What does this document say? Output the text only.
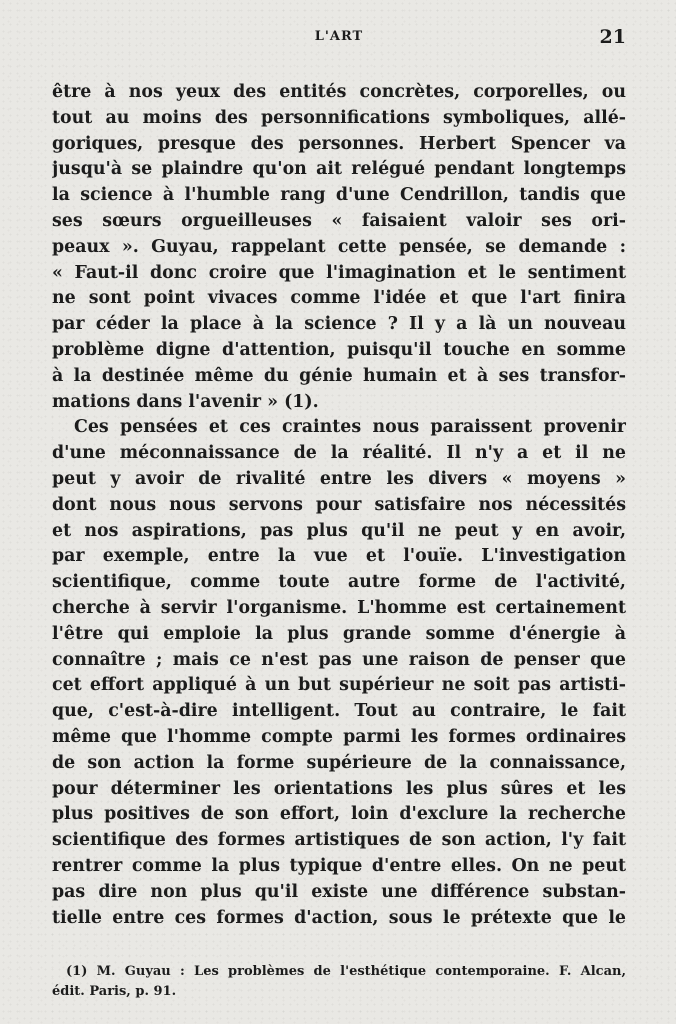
L'ART	21
être à nos yeux des entités concrètes, corporelles, ou
tout au moins des personnifications symboliques, allé-
goriques, presque des personnes. Herbert Spencer va
jusqu'à se plaindre qu'on ait relégué pendant longtemps
la science à l'humble rang d'une Cendrillon, tandis que
ses sœurs orgueilleuses « faisaient valoir ses ori-
peaux ». Guyau, rappelant cette pensée, se demande :
« Faut-il donc croire que l'imagination et le sentiment
ne sont point vivaces comme l'idée et que l'art finira
par céder la place à la science ? Il y a là un nouveau
problème digne d'attention, puisqu'il touche en somme
à la destinée même du génie humain et à ses transfor-
mations dans l'avenir » (1).
Ces pensées et ces craintes nous paraissent provenir
d'une méconnaissance de la réalité. Il n'y a et il ne
peut y avoir de rivalité entre les divers « moyens »
dont nous nous servons pour satisfaire nos nécessités
et nos aspirations, pas plus qu'il ne peut y en avoir,
par exemple, entre la vue et l'ouïe. L'investigation
scientifique, comme toute autre forme de l'activité,
cherche à servir l'organisme. L'homme est certainement
l'être qui emploie la plus grande somme d'énergie à
connaître ; mais ce n'est pas une raison de penser que
cet effort appliqué à un but supérieur ne soit pas artisti-
que, c'est-à-dire intelligent. Tout au contraire, le fait
même que l'homme compte parmi les formes ordinaires
de son action la forme supérieure de la connaissance,
pour déterminer les orientations les plus sûres et les
plus positives de son effort, loin d'exclure la recherche
scientifique des formes artistiques de son action, l'y fait
rentrer comme la plus typique d'entre elles. On ne peut
pas dire non plus qu'il existe une différence substan-
tielle entre ces formes d'action, sous le prétexte que le
(1) M. Guyau : Les problèmes de l'esthétique contemporaine. F. Alcan,
édit. Paris, p. 91.
